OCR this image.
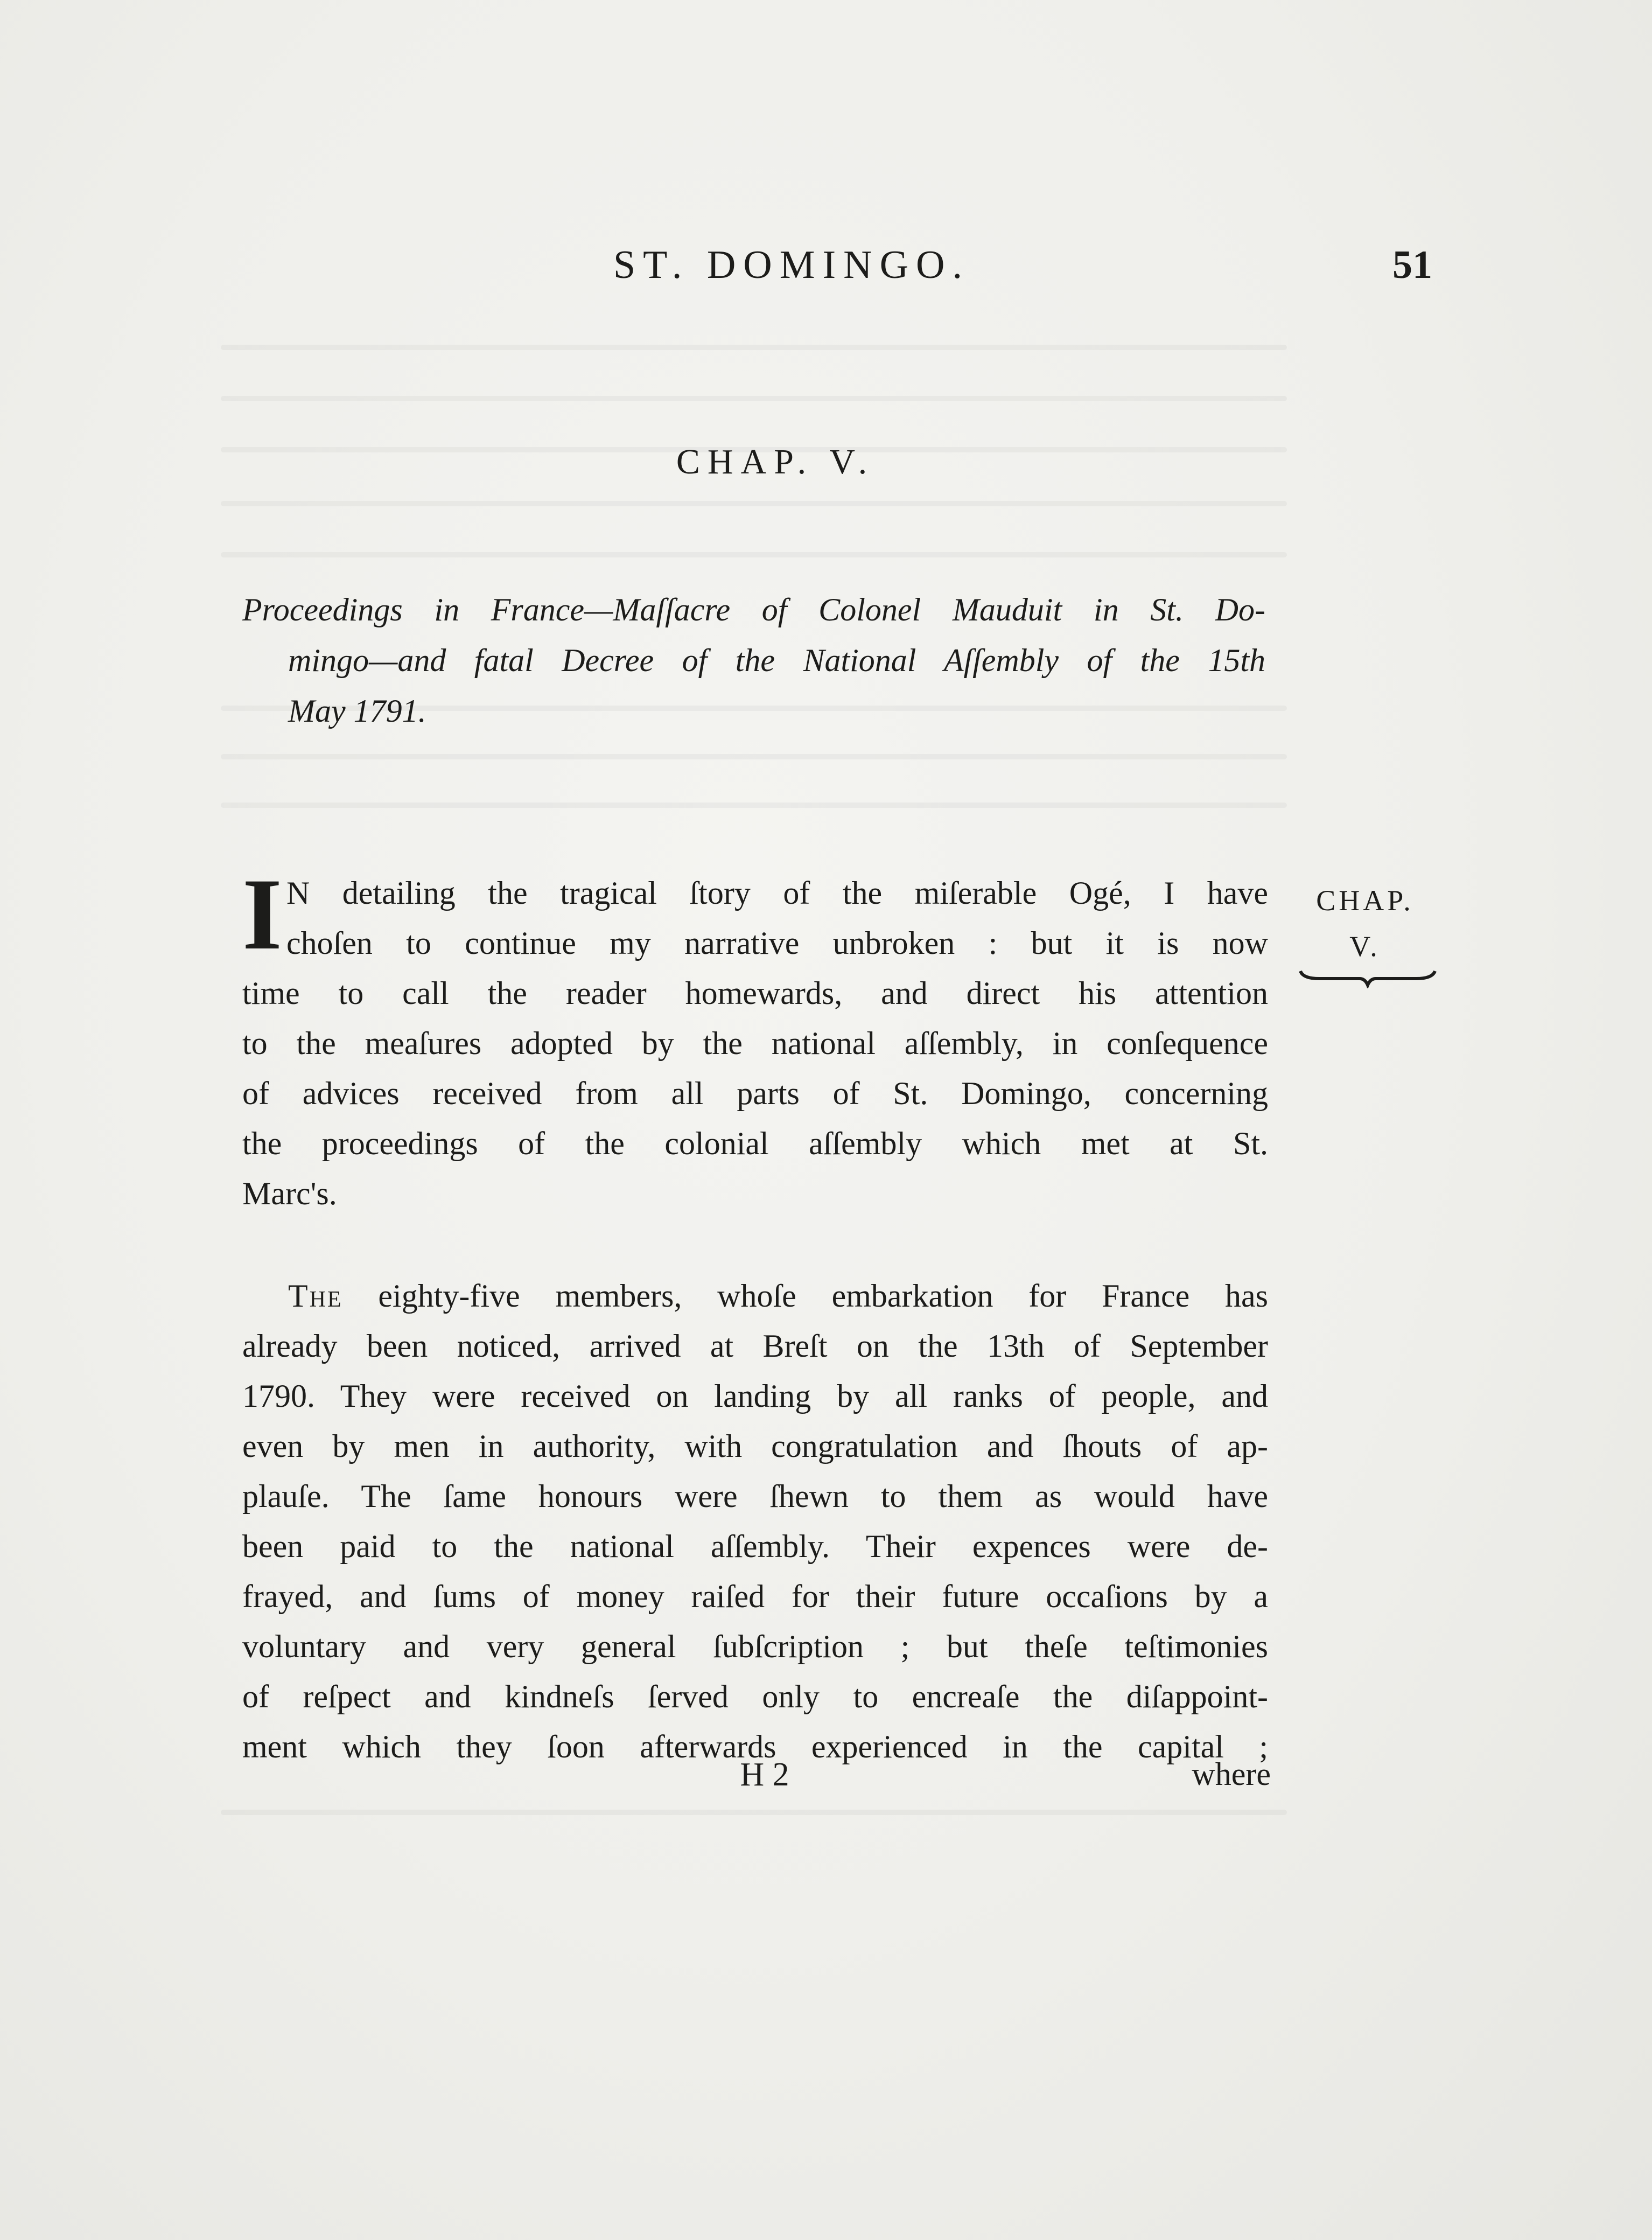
ST. DOMINGO.	51
CHAP. V.
Proceedings in France—Maſſacre of Colonel Mauduit in St. Do-
mingo—and fatal Decree of the National Aſſembly of the 15th
May 1791.
I N detailing the tragical ſtory of the miſerable Ogé, I have
choſen to continue my narrative unbroken : but it is now
time to call the reader homewards, and direct his attention
to the meaſures adopted by the national aſſembly, in conſequence
of advices received from all parts of St. Domingo, concerning
the proceedings of the colonial aſſembly which met at St.
Marc's.
CHAP.
V.
The eighty-five members, whoſe embarkation for France has
already been noticed, arrived at Breſt on the 13th of September
1790. They were received on landing by all ranks of people, and
even by men in authority, with congratulation and ſhouts of ap-
plauſe. The ſame honours were ſhewn to them as would have
been paid to the national aſſembly. Their expences were de-
frayed, and ſums of money raiſed for their future occaſions by a
voluntary and very general ſubſcription ; but theſe teſtimonies
of reſpect and kindneſs ſerved only to encreaſe the diſappoint-
ment which they ſoon afterwards experienced in the capital ;
H 2	where
